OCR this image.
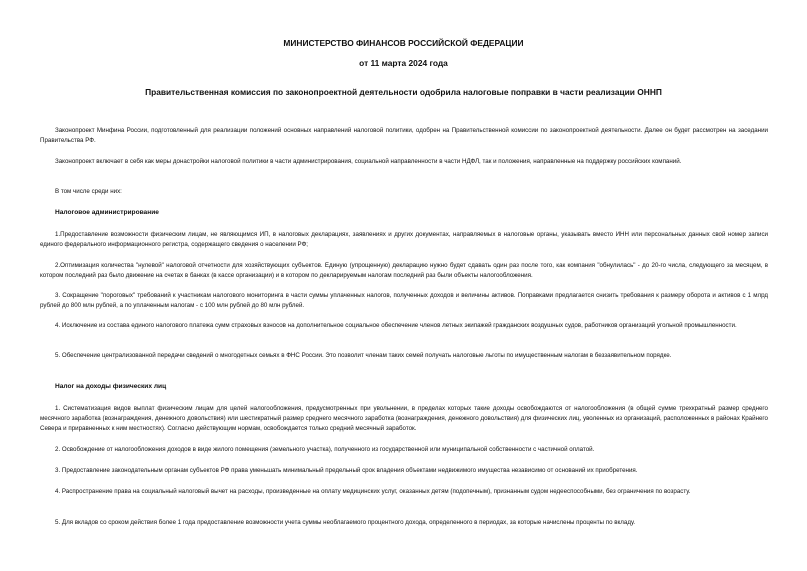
МИНИСТЕРСТВО ФИНАНСОВ РОССИЙСКОЙ ФЕДЕРАЦИИ
от 11 марта 2024 года
Правительственная комиссия по законопроектной деятельности одобрила налоговые поправки в части реализации ОННП

Законопроект Минфина России, подготовленный для реализации положений основных направлений налоговой политики, одобрен на Правительственной комиссии по законопроектной деятельности. Далее он будет рассмотрен на заседании Правительства РФ.

Законопроект включает в себя как меры донастройки налоговой политики в части администрирования, социальной направленности в части НДФЛ, так и положения, направленные на поддержку российских компаний.

В том числе среди них:

Налоговое администрирование

1.Предоставление возможности физическим лицам, не являющимся ИП, в налоговых декларациях, заявлениях и других документах, направляемых в налоговые органы, указывать вместо ИНН или персональных данных свой номер записи единого федерального информационного регистра, содержащего сведения о населении РФ;

2.Оптимизация количества "нулевой" налоговой отчетности для хозяйствующих субъектов. Единую (упрощенную) декларацию нужно будет сдавать один раз после того, как компания "обнулилась" - до 20-го числа, следующего за месяцем, в котором последний раз было движение на счетах в банках (в кассе организации) и в котором по декларируемым налогам последний раз были объекты налогообложения.

3. Сокращение "пороговых" требований к участникам налогового мониторинга в части суммы уплаченных налогов, полученных доходов и величины активов. Поправками предлагается снизить требования к размеру оборота и активов с 1 млрд рублей до 800 млн рублей, а по уплаченным налогам - с 100 млн рублей до 80 млн рублей.

4. Исключение из состава единого налогового платежа сумм страховых взносов на дополнительное социальное обеспечение членов летных экипажей гражданских воздушных судов, работников организаций угольной промышленности.

5. Обеспечение централизованной передачи сведений о многодетных семьях в ФНС России. Это позволит членам таких семей получать налоговые льготы по имущественным налогам в беззаявительном порядке.

Налог на доходы физических лиц

1. Систематизация видов выплат физическим лицам для целей налогообложения, предусмотренных при увольнении, в пределах которых такие доходы освобождаются от налогообложения (в общей сумме трехкратный размер среднего месячного заработка (вознаграждения, денежного довольствия) или шестикратный размер среднего месячного заработка (вознаграждения, денежного довольствия) для физических лиц, уволенных из организаций, расположенных в районах Крайнего Севера и приравненных к ним местностях). Согласно действующим нормам, освобождается только средний месячный заработок.

2. Освобождение от налогообложения доходов в виде жилого помещения (земельного участка), полученного из государственной или муниципальной собственности с частичной оплатой.

3. Предоставление законодательным органам субъектов РФ права уменьшать минимальный предельный срок владения объектами недвижимого имущества независимо от оснований их приобретения.

4. Распространение права на социальный налоговый вычет на расходы, произведенные на оплату медицинских услуг, оказанных детям (подопечным), признанным судом недееспособными, без ограничения по возрасту.

5. Для вкладов со сроком действия более 1 года предоставление возможности учета суммы необлагаемого процентного дохода, определенного в периодах, за которые начислены проценты по вкладу.
